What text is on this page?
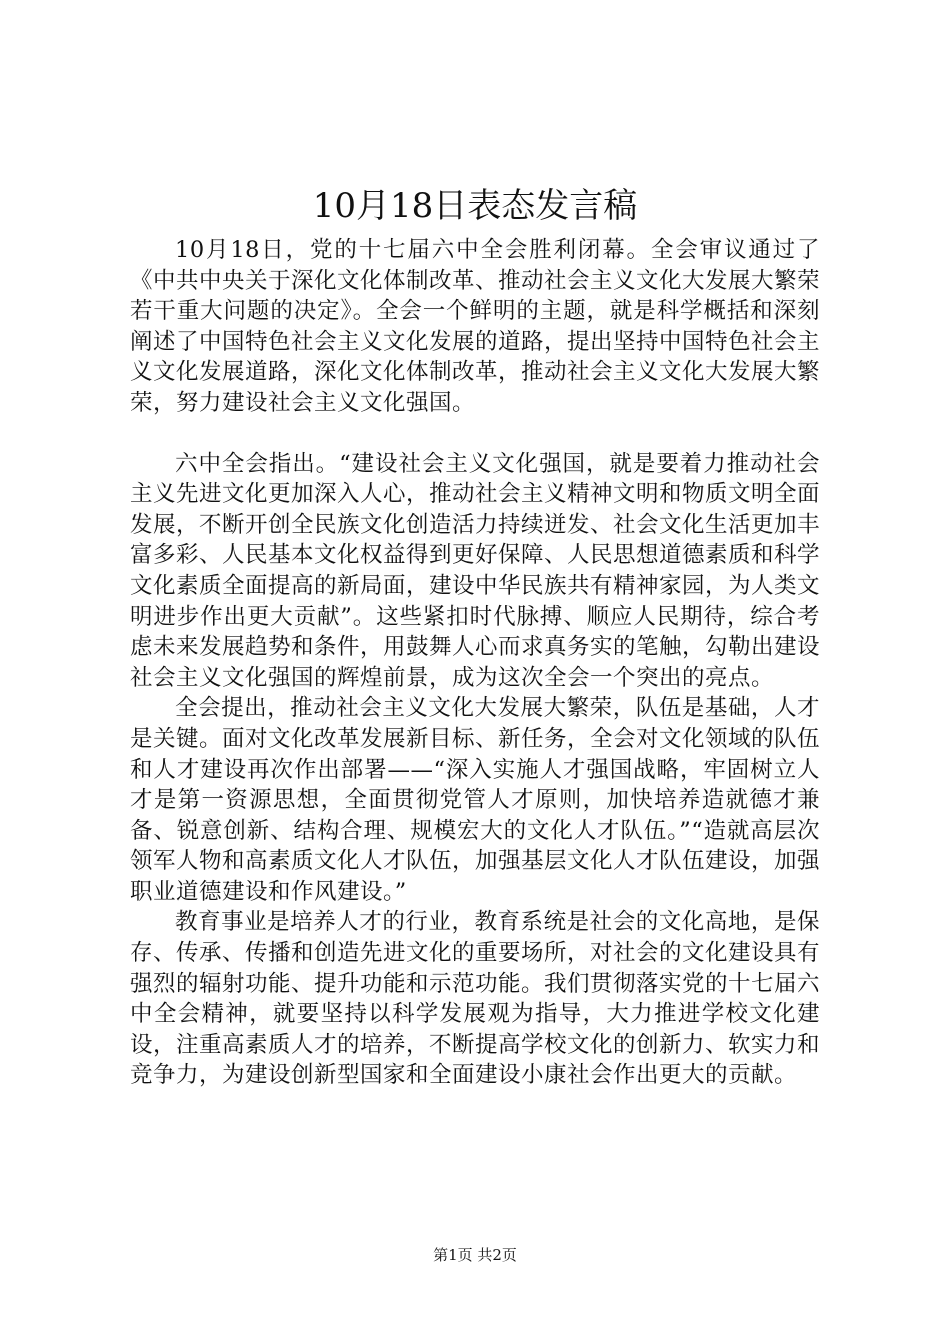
10月18日表态发言稿

10月18日，党的十七届六中全会胜利闭幕。全会审议通过了《中共中央关于深化文化体制改革、推动社会主义文化大发展大繁荣若干重大问题的决定》。全会一个鲜明的主题，就是科学概括和深刻阐述了中国特色社会主义文化发展的道路，提出坚持中国特色社会主义文化发展道路，深化文化体制改革，推动社会主义文化大发展大繁荣，努力建设社会主义文化强国。

六中全会指出。“建设社会主义文化强国，就是要着力推动社会主义先进文化更加深入人心，推动社会主义精神文明和物质文明全面发展，不断开创全民族文化创造活力持续迸发、社会文化生活更加丰富多彩、人民基本文化权益得到更好保障、人民思想道德素质和科学文化素质全面提高的新局面，建设中华民族共有精神家园，为人类文明进步作出更大贡献”。这些紧扣时代脉搏、顺应人民期待，综合考虑未来发展趋势和条件，用鼓舞人心而求真务实的笔触，勾勒出建设社会主义文化强国的辉煌前景，成为这次全会一个突出的亮点。

全会提出，推动社会主义文化大发展大繁荣，队伍是基础，人才是关键。面对文化改革发展新目标、新任务，全会对文化领域的队伍和人才建设再次作出部署——“深入实施人才强国战略，牢固树立人才是第一资源思想，全面贯彻党管人才原则，加快培养造就德才兼备、锐意创新、结构合理、规模宏大的文化人才队伍。”“造就高层次领军人物和高素质文化人才队伍，加强基层文化人才队伍建设，加强职业道德建设和作风建设。”

教育事业是培养人才的行业，教育系统是社会的文化高地，是保存、传承、传播和创造先进文化的重要场所，对社会的文化建设具有强烈的辐射功能、提升功能和示范功能。我们贯彻落实党的十七届六中全会精神，就要坚持以科学发展观为指导，大力推进学校文化建设，注重高素质人才的培养，不断提高学校文化的创新力、软实力和竞争力，为建设创新型国家和全面建设小康社会作出更大的贡献。

第1页 共2页
